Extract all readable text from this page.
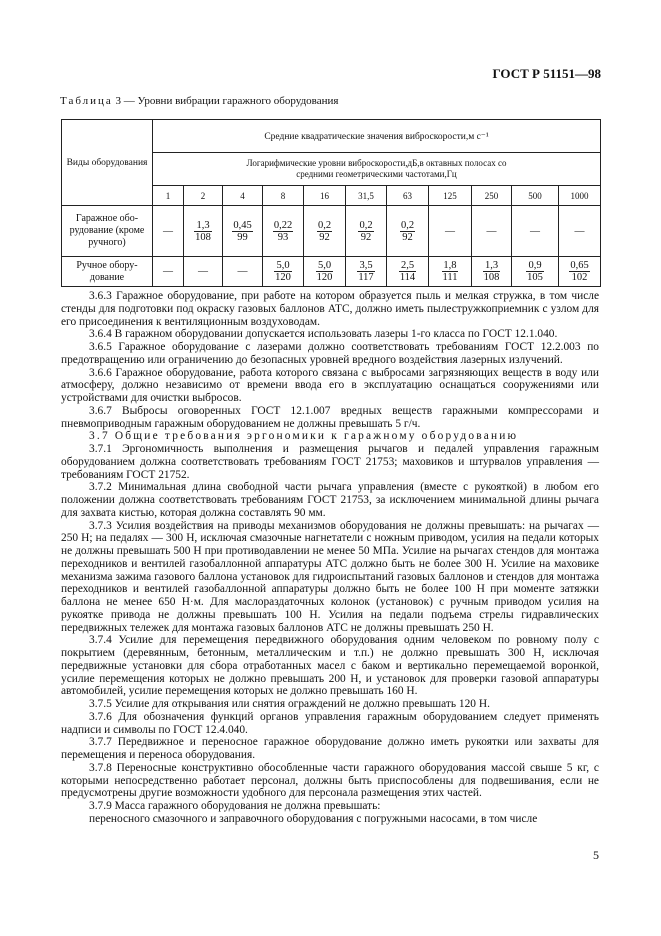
ГОСТ Р 51151—98
Таблица 3 — Уровни вибрации гаражного оборудования
Виды оборудования	Средние квадратические значения виброскорости,м с⁻¹										

	Логарифмические уровни виброскорости,дБ,в октавных полосах со средними геометрическими частотами,Гц										

	1	2	4	8	16	31,5	63	125	250	500	1000
Гаражное обо-рудование (кроме ручного)	—	$\frac{1,3}{108}$	$\frac{0,45}{99}$	$\frac{0,22}{93}$	$\frac{0,2}{92}$	$\frac{0,2}{92}$	$\frac{0,2}{92}$	—	—	—	—
Ручное обору-дование	—	—	—	$\frac{5,0}{120}$	$\frac{5,0}{120}$	$\frac{3,5}{117}$	$\frac{2,5}{114}$	$\frac{1,8}{111}$	$\frac{1,3}{108}$	$\frac{0,9}{105}$	$\frac{0,65}{102}$

3.6.3 Гаражное оборудование, при работе на котором образуется пыль и мелкая стружка, в том числе стенды для подготовки под окраску газовых баллонов АТС, должно иметь пылестружкоприемник с узлом для его присоединения к вентиляционным воздуховодам.

3.6.4 В гаражном оборудовании допускается использовать лазеры 1-го класса по ГОСТ 12.1.040.

3.6.5 Гаражное оборудование с лазерами должно соответствовать требованиям ГОСТ 12.2.003 по предотвращению или ограничению до безопасных уровней вредного воздействия лазерных излучений.

3.6.6 Гаражное оборудование, работа которого связана с выбросами загрязняющих веществ в воду или атмосферу, должно независимо от времени ввода его в эксплуатацию оснащаться сооружениями или устройствами для очистки выбросов.

3.6.7 Выбросы оговоренных ГОСТ 12.1.007 вредных веществ гаражными компрессорами и пневмоприводным гаражным оборудованием не должны превышать 5 г/ч.

3.7 Общие требования эргономики к гаражному оборудованию

3.7.1 Эргономичность выполнения и размещения рычагов и педалей управления гаражным оборудованием должна соответствовать требованиям ГОСТ 21753; маховиков и штурвалов управления — требованиям ГОСТ 21752.

3.7.2 Минимальная длина свободной части рычага управления (вместе с рукояткой) в любом его положении должна соответствовать требованиям ГОСТ 21753, за исключением минимальной длины рычага для захвата кистью, которая должна составлять 90 мм.

3.7.3 Усилия воздействия на приводы механизмов оборудования не должны превышать: на рычагах — 250 Н; на педалях — 300 Н, исключая смазочные нагнетатели с ножным приводом, усилия на педали которых не должны превышать 500 Н при противодавлении не менее 50 МПа. Усилие на рычагах стендов для монтажа переходников и вентилей газобаллонной аппаратуры АТС должно быть не более 300 Н. Усилие на маховике механизма зажима газового баллона установок для гидроиспытаний газовых баллонов и стендов для монтажа переходников и вентилей газобаллонной аппаратуры должно быть не более 100 Н при моменте затяжки баллона не менее 650 Н·м. Для маслораздаточных колонок (установок) с ручным приводом усилия на рукоятке привода не должны превышать 100 Н. Усилия на педали подъема стрелы гидравлических передвижных тележек для монтажа газовых баллонов АТС не должны превышать 250 Н.

3.7.4 Усилие для перемещения передвижного оборудования одним человеком по ровному полу с покрытием (деревянным, бетонным, металлическим и т.п.) не должно превышать 300 Н, исключая передвижные установки для сбора отработанных масел с баком и вертикально перемещаемой воронкой, усилие перемещения которых не должно превышать 200 Н, и установок для проверки газовой аппаратуры автомобилей, усилие перемещения которых не должно превышать 160 Н.

3.7.5 Усилие для открывания или снятия ограждений не должно превышать 120 Н.

3.7.6 Для обозначения функций органов управления гаражным оборудованием следует применять надписи и символы по ГОСТ 12.4.040.

3.7.7 Передвижное и переносное гаражное оборудование должно иметь рукоятки или захваты для перемещения и переноса оборудования.

3.7.8 Переносные конструктивно обособленные части гаражного оборудования массой свыше 5 кг, с которыми непосредственно работает персонал, должны быть приспособлены для подвешивания, если не предусмотрены другие возможности удобного для персонала размещения этих частей.

3.7.9 Масса гаражного оборудования не должна превышать:

переносного смазочного и заправочного оборудования с погружными насосами, в том числе

5
